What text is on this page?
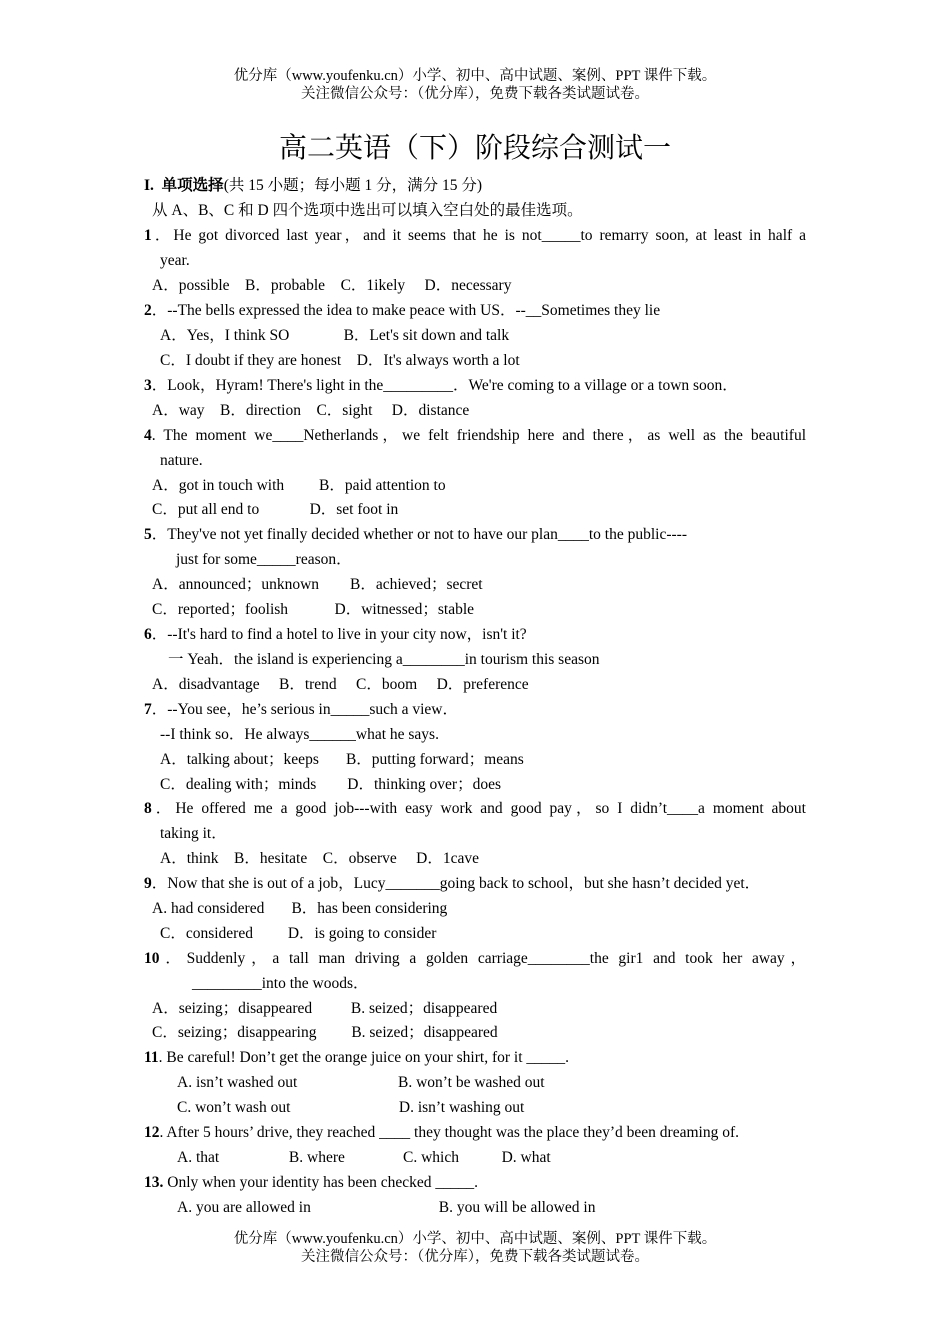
优分库（www.youfenku.cn）小学、初中、高中试题、案例、PPT 课件下载。
关注微信公众号：（优分库），免费下载各类试题试卷。
高二英语（下）阶段综合测试一
I. 单项选择(共 15 小题；每小题 1 分，满分 15 分)
从 A、B、C 和 D 四个选项中选出可以填入空白处的最佳选项。
1．He got divorced last year，and it seems that he is not_____to remarry soon, at least in half a
year.
A．possible    B．probable    C．1ikely     D．necessary
2．--The bells expressed the idea to make peace with US．--__Sometimes they lie
A．Yes，I think SO              B．Let's sit down and talk
C．I doubt if they are honest    D．It's always worth a lot
3．Look，Hyram! There's light in the_________．We're coming to a village or a town soon．
A．way    B．direction    C．sight     D．distance
4. The moment we____Netherlands，we felt friendship here and there，as well as the beautiful
nature.
A．got in touch with         B．paid attention to
C．put all end to             D．set foot in
5．They've not yet finally decided whether or not to have our plan____to the public----
just for some_____reason．
A．announced；unknown        B．achieved；secret
C．reported；foolish            D．witnessed；stable
6．--It's hard to find a hotel to live in your city now，isn't it?
一 Yeah．the island is experiencing a________in tourism this season
A．disadvantage     B．trend     C．boom     D．preference
7．--You see，he’s serious in_____such a view．
--I think so．He always______what he says.
A．talking about；keeps       B．putting forward；means
C．dealing with；minds        D．thinking over；does
8．He offered me a good job---with easy work and good pay，so I didn’t____a moment about
taking it．
A．think    B．hesitate    C．observe     D．1cave
9．Now that she is out of a job，Lucy_______going back to school，but she hasn’t decided yet．
A. had considered       B．has been considering
C．considered         D．is going to consider
10．Suddenly，a tall man driving a golden carriage________the gir1 and took her away，
_________into the woods．
A．seizing；disappeared          B. seized；disappeared
C．seizing；disappearing         B. seized；disappeared
11. Be careful! Don’t get the orange juice on your shirt, for it _____.
A. isn’t washed out                          B. won’t be washed out
C. won’t wash out                            D. isn’t washing out
12. After 5 hours’ drive, they reached ____ they thought was the place they’d been dreaming of.
A. that                  B. where               C. which           D. what
13. Only when your identity has been checked _____.
A. you are allowed in                                 B. you will be allowed in
优分库（www.youfenku.cn）小学、初中、高中试题、案例、PPT 课件下载。
关注微信公众号：（优分库），免费下载各类试题试卷。
